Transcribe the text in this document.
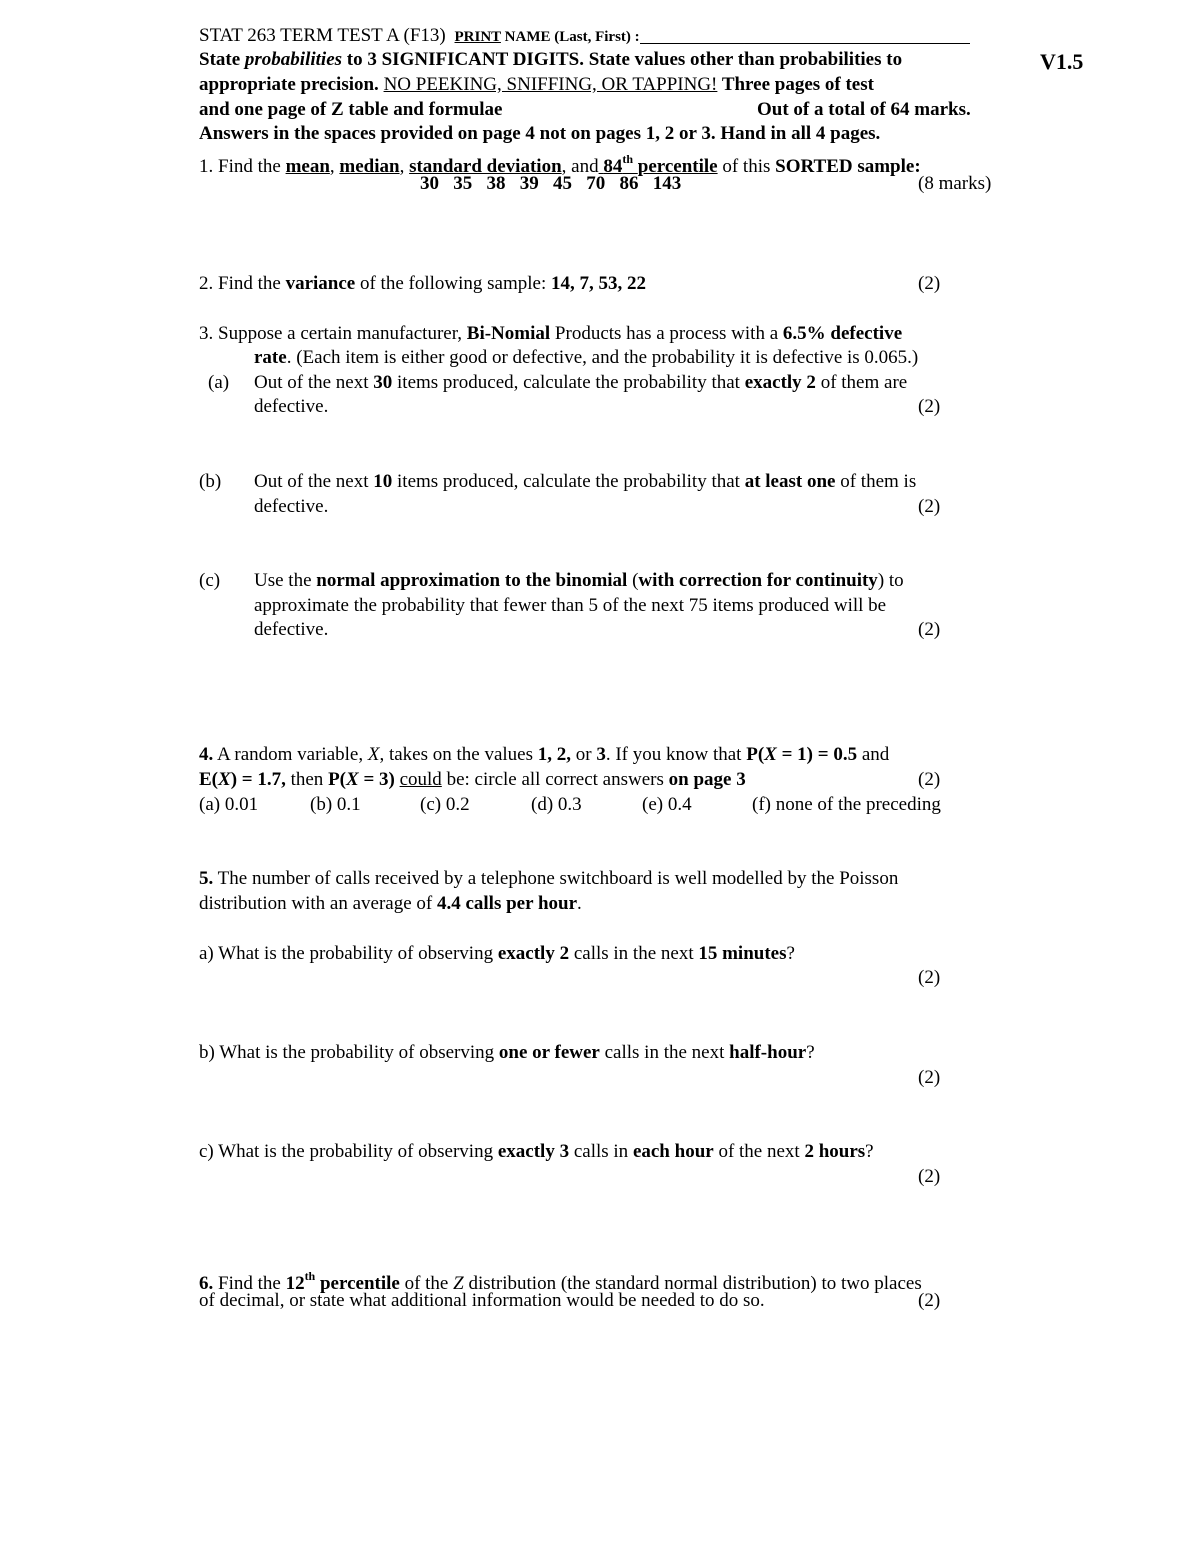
STAT 263 TERM TEST A (F13) PRINT NAME (Last, First) :
V1.5
State probabilities to 3 SIGNIFICANT DIGITS. State values other than probabilities to
appropriate precision. NO PEEKING, SNIFFING, OR TAPPING! Three pages of test
and one page of Z table and formulae	Out of a total of 64 marks.
Answers in the spaces provided on page 4 not on pages 1, 2 or 3. Hand in all 4 pages.
1. Find the mean, median, standard deviation, and 84th percentile of this SORTED sample:
30   35   38   39   45   70   86   143	(8 marks)
2. Find the variance of the following sample: 14, 7, 53, 22	(2)
3. Suppose a certain manufacturer, Bi-Nomial Products has a process with a 6.5% defective
rate. (Each item is either good or defective, and the probability it is defective is 0.065.)
(a) Out of the next 30 items produced, calculate the probability that exactly 2 of them are
defective.	(2)
(b) Out of the next 10 items produced, calculate the probability that at least one of them is
defective.	(2)
(c) Use the normal approximation to the binomial (with correction for continuity) to
approximate the probability that fewer than 5 of the next 75 items produced will be
defective.	(2)
4. A random variable, X, takes on the values 1, 2, or 3. If you know that P(X = 1) = 0.5 and
E(X) = 1.7, then P(X = 3) could be: circle all correct answers on page 3	(2)
(a) 0.01	(b) 0.1	(c) 0.2	(d) 0.3	(e) 0.4	(f) none of the preceding
5. The number of calls received by a telephone switchboard is well modelled by the Poisson
distribution with an average of 4.4 calls per hour.
a) What is the probability of observing exactly 2 calls in the next 15 minutes?
(2)
b) What is the probability of observing one or fewer calls in the next half-hour?
(2)
c) What is the probability of observing exactly 3 calls in each hour of the next 2 hours?
(2)
6. Find the 12th percentile of the Z distribution (the standard normal distribution) to two places
of decimal, or state what additional information would be needed to do so.	(2)
